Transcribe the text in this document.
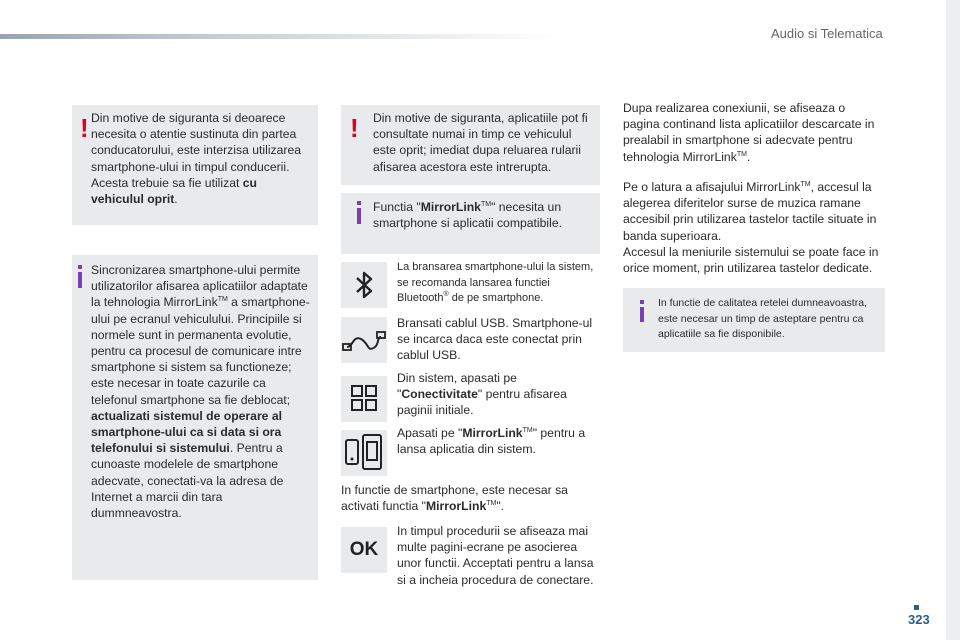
Audio si Telematica
! Din motive de siguranta si deoarece necesita o atentie sustinuta din partea conducatorului, este interzisa utilizarea smartphone-ului in timpul conducerii. Acesta trebuie sa fie utilizat cu vehiculul oprit.
Sincronizarea smartphone-ului permite utilizatorilor afisarea aplicatiilor adaptate la tehnologia MirrorLink™ a smartphone-ului pe ecranul vehiculului. Principiile si normele sunt in permanenta evolutie, pentru ca procesul de comunicare intre smartphone si sistem sa functioneze; este necesar in toate cazurile ca telefonul smartphone sa fie deblocat; actualizati sistemul de operare al smartphone-ului ca si data si ora telefonului si sistemului. Pentru a cunoaste modelele de smartphone adecvate, conectati-va la adresa de Internet a marcii din tara dummneavostra.
! Din motive de siguranta, aplicatiile pot fi consultate numai in timp ce vehiculul este oprit; imediat dupa reluarea rularii afisarea acestora este intrerupta.
Functia "MirrorLink™" necesita un smartphone si aplicatii compatibile.
La bransarea smartphone-ului la sistem, se recomanda lansarea functiei Bluetooth® de pe smartphone.
Bransati cablul USB. Smartphone-ul se incarca daca este conectat prin cablul USB.
Din sistem, apasati pe "Conectivitate" pentru afisarea paginii initiale.
Apasati pe "MirrorLink™" pentru a lansa aplicatia din sistem.
In functie de smartphone, este necesar sa activati functia "MirrorLink™".
OK
In timpul procedurii se afiseaza mai multe pagini-ecrane pe asocierea unor functii. Acceptati pentru a lansa si a incheia procedura de conectare.
Dupa realizarea conexiunii, se afiseaza o pagina continand lista aplicatiilor descarcate in prealabil in smartphone si adecvate pentru tehnologia MirrorLink™.
Pe o latura a afisajului MirrorLink™, accesul la alegerea diferitelor surse de muzica ramane accesibil prin utilizarea tastelor tactile situate in banda superioara.
Accesul la meniurile sistemului se poate face in orice moment, prin utilizarea tastelor dedicate.
In functie de calitatea retelei dumneavoastra, este necesar un timp de asteptare pentru ca aplicatiile sa fie disponibile.
323
